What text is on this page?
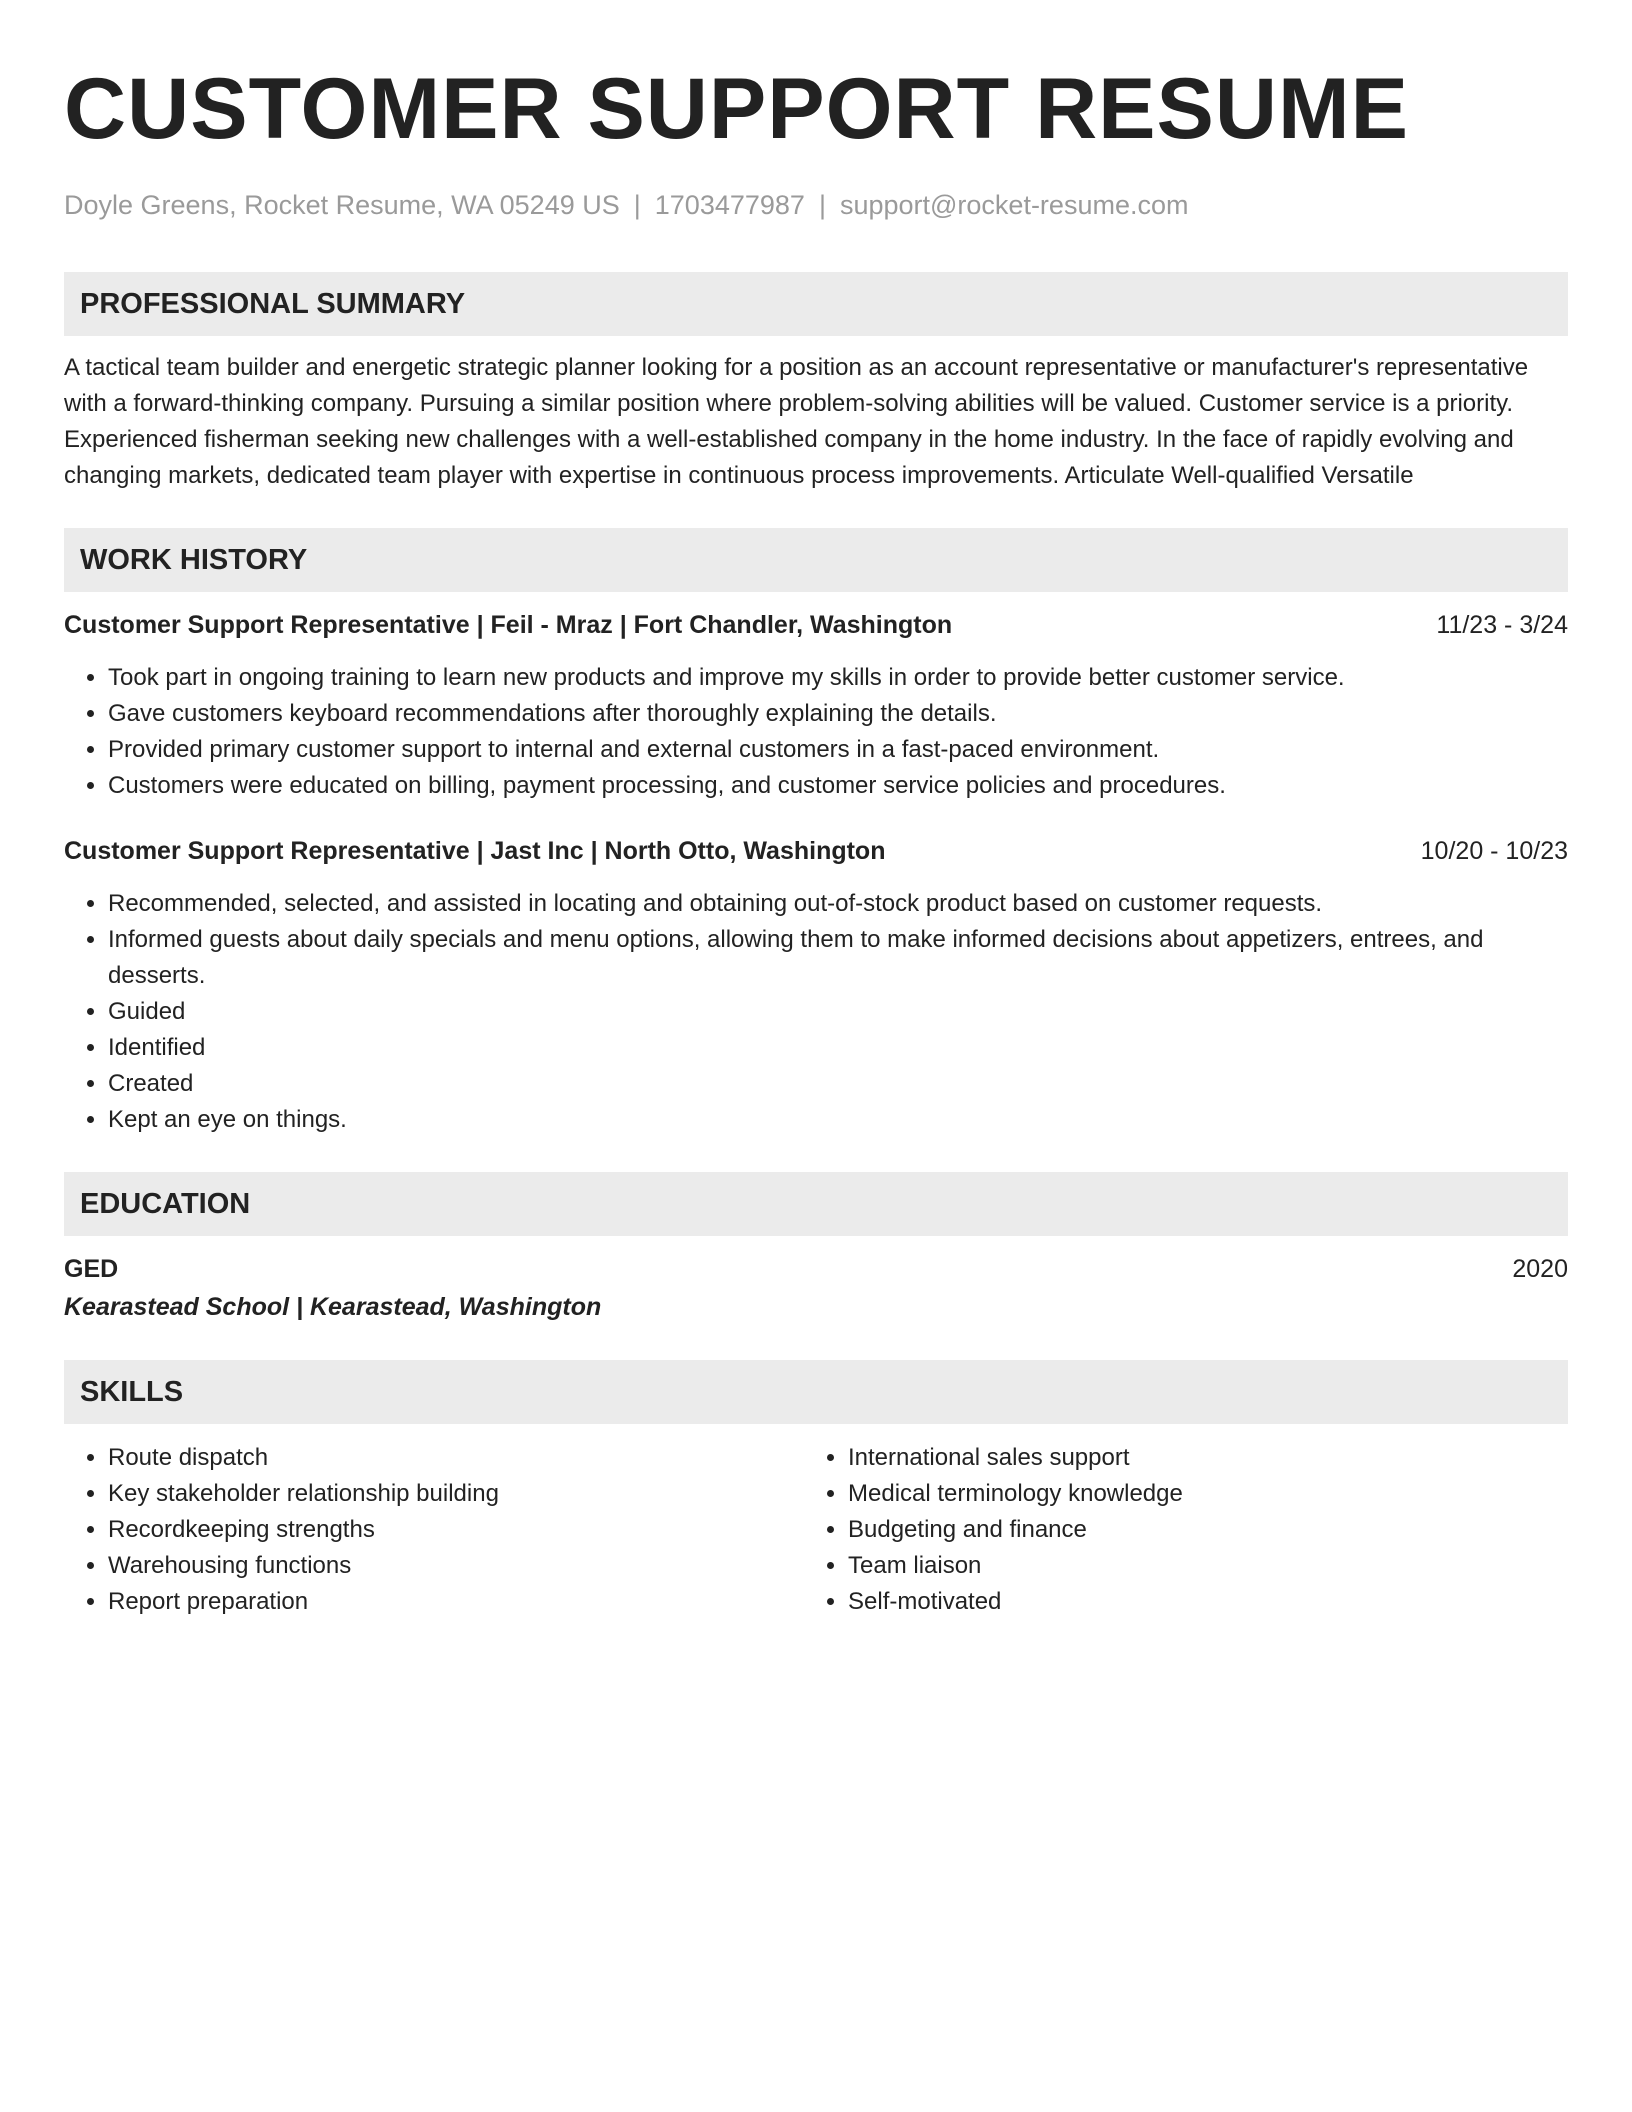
CUSTOMER SUPPORT RESUME
Doyle Greens, Rocket Resume, WA 05249 US | 1703477987 | support@rocket-resume.com
PROFESSIONAL SUMMARY
A tactical team builder and energetic strategic planner looking for a position as an account representative or manufacturer's representative with a forward-thinking company. Pursuing a similar position where problem-solving abilities will be valued. Customer service is a priority. Experienced fisherman seeking new challenges with a well-established company in the home industry. In the face of rapidly evolving and changing markets, dedicated team player with expertise in continuous process improvements. Articulate Well-qualified Versatile
WORK HISTORY
Customer Support Representative | Feil - Mraz | Fort Chandler, Washington	11/23 - 3/24
• Took part in ongoing training to learn new products and improve my skills in order to provide better customer service.
• Gave customers keyboard recommendations after thoroughly explaining the details.
• Provided primary customer support to internal and external customers in a fast-paced environment.
• Customers were educated on billing, payment processing, and customer service policies and procedures.
Customer Support Representative | Jast Inc | North Otto, Washington	10/20 - 10/23
• Recommended, selected, and assisted in locating and obtaining out-of-stock product based on customer requests.
• Informed guests about daily specials and menu options, allowing them to make informed decisions about appetizers, entrees, and desserts.
• Guided
• Identified
• Created
• Kept an eye on things.
EDUCATION
GED	2020
Kearastead School | Kearastead, Washington
SKILLS
• Route dispatch
• Key stakeholder relationship building
• Recordkeeping strengths
• Warehousing functions
• Report preparation
• International sales support
• Medical terminology knowledge
• Budgeting and finance
• Team liaison
• Self-motivated
